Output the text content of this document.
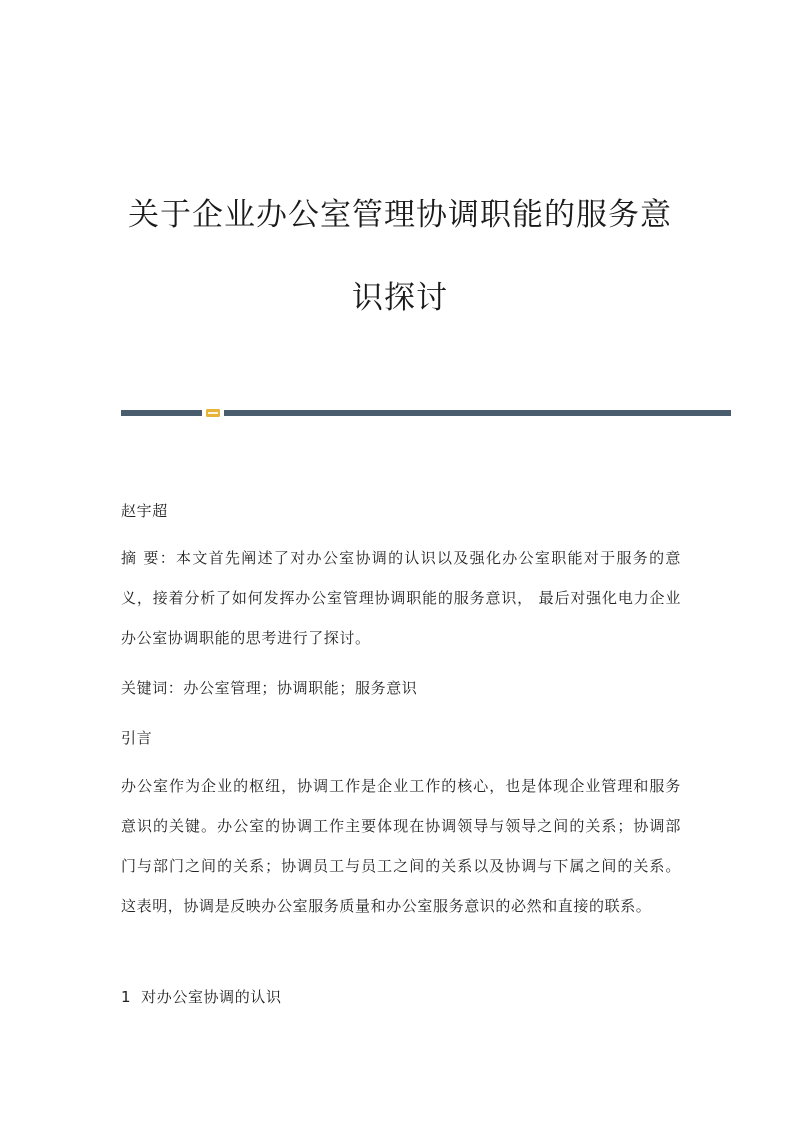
关于企业办公室管理协调职能的服务意
识探讨

赵宇超

摘 要：本文首先阐述了对办公室协调的认识以及强化办公室职能对于服务的意义，接着分析了如何发挥办公室管理协调职能的服务意识， 最后对强化电力企业办公室协调职能的思考进行了探讨。

关键词：办公室管理；协调职能；服务意识

引言

办公室作为企业的枢纽，协调工作是企业工作的核心，也是体现企业管理和服务意识的关键。办公室的协调工作主要体现在协调领导与领导之间的关系；协调部门与部门之间的关系；协调员工与员工之间的关系以及协调与下属之间的关系。这表明，协调是反映办公室服务质量和办公室服务意识的必然和直接的联系。

1 对办公室协调的认识
